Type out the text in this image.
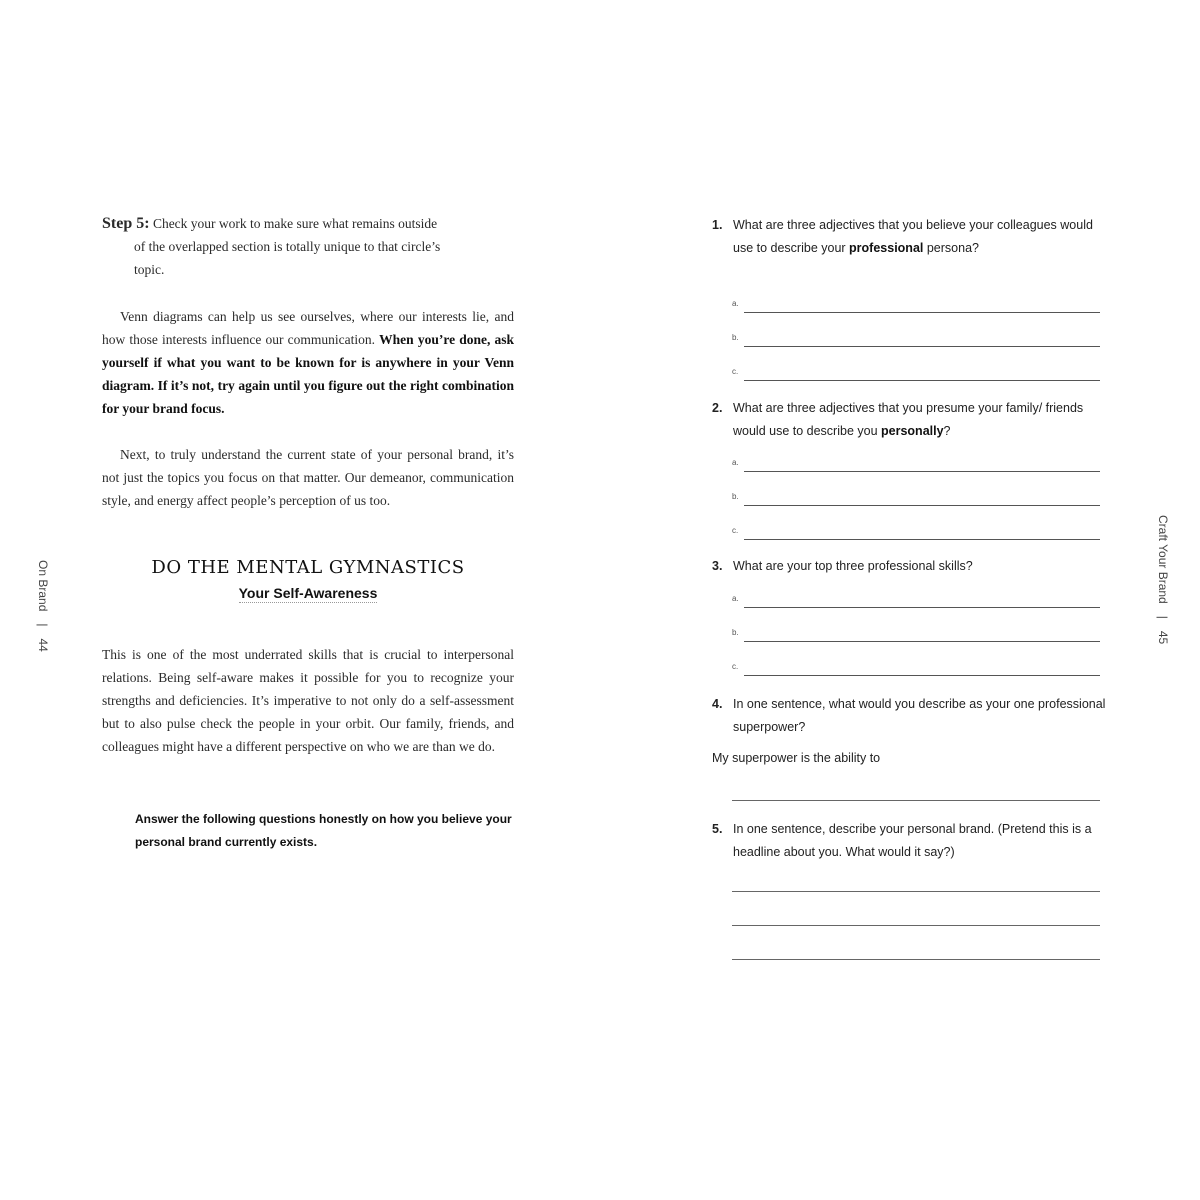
Step 5: Check your work to make sure what remains outside
of the overlapped section is totally unique to that circle’s
topic.
Venn diagrams can help us see ourselves, where our interests lie, and how those interests influence our communication. When you’re done, ask yourself if what you want to be known for is anywhere in your Venn diagram. If it’s not, try again until you figure out the right combination for your brand focus.
Next, to truly understand the current state of your personal brand, it’s not just the topics you focus on that matter. Our demeanor, communication style, and energy affect people’s perception of us too.
DO THE MENTAL GYMNASTICS
Your Self-Awareness
This is one of the most underrated skills that is crucial to interpersonal relations. Being self-aware makes it possible for you to recognize your strengths and deficiencies. It’s imperative to not only do a self-assessment but to also pulse check the people in your orbit. Our family, friends, and colleagues might have a different perspective on who we are than we do.
Answer the following questions honestly on how you believe your personal brand currently exists.
On Brand|44
1. What are three adjectives that you believe your colleagues would use to describe your professional persona?
a.
b.
c.
2. What are three adjectives that you presume your family/ friends would use to describe you personally?
a.
b.
c.
3. What are your top three professional skills?
a.
b.
c.
4. In one sentence, what would you describe as your one professional superpower?
My superpower is the ability to
5. In one sentence, describe your personal brand. (Pretend this is a headline about you. What would it say?)
Craft Your Brand|45
